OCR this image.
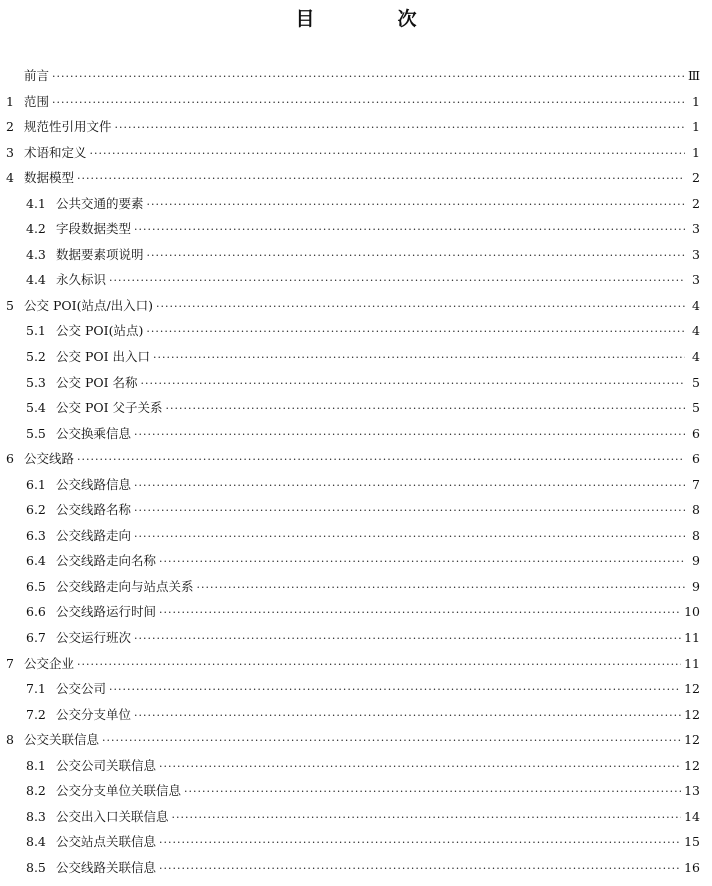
目　次
前言 ·····	Ⅲ
1 范围 ·····	1
2 规范性引用文件 ·····	1
3 术语和定义 ·····	1
4 数据模型 ·····	2
4.1 公共交通的要素 ·····	2
4.2 字段数据类型 ·····	3
4.3 数据要素项说明 ·····	3
4.4 永久标识 ·····	3
5 公交 POI(站点/出入口) ·····	4
5.1 公交 POI(站点) ·····	4
5.2 公交 POI 出入口 ·····	4
5.3 公交 POI 名称 ·····	5
5.4 公交 POI 父子关系 ·····	5
5.5 公交换乘信息 ·····	6
6 公交线路 ·····	6
6.1 公交线路信息 ·····	7
6.2 公交线路名称 ·····	8
6.3 公交线路走向 ·····	8
6.4 公交线路走向名称 ·····	9
6.5 公交线路走向与站点关系 ·····	9
6.6 公交线路运行时间 ·····	10
6.7 公交运行班次 ·····	11
7 公交企业 ·····	11
7.1 公交公司 ·····	12
7.2 公交分支单位 ·····	12
8 公交关联信息 ·····	12
8.1 公交公司关联信息 ·····	12
8.2 公交分支单位关联信息 ·····	13
8.3 公交出入口关联信息 ·····	14
8.4 公交站点关联信息 ·····	15
8.5 公交线路关联信息 ·····	16
